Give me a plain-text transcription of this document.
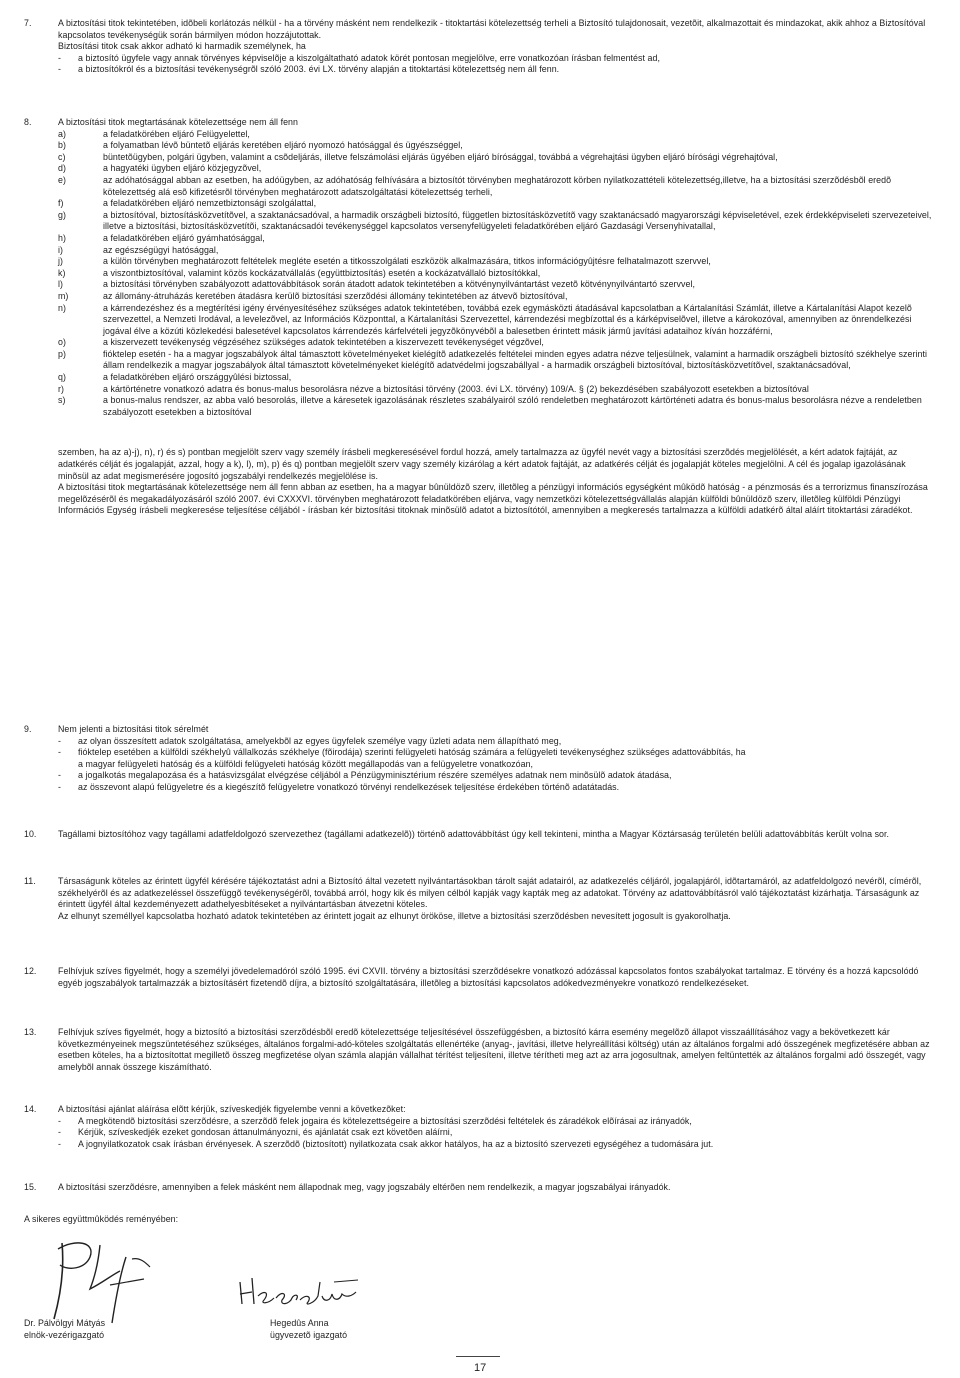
7.	A biztosítási titok tekintetében, idõbeli korlátozás nélkül - ha a törvény másként nem rendelkezik - titoktartási kötelezettség terheli a Biztosító tulajdonosait, vezetõit, alkalmazottait és mindazokat, akik ahhoz a Biztosítóval kapcsolatos tevékenységük során bármilyen módon hozzájutottak.

Biztosítási titok csak akkor adható ki harmadik személynek, ha

- a biztosító ügyfele vagy annak törvényes képviselõje a kiszolgáltatható adatok körét pontosan megjelölve, erre vonatkozóan írásban felmentést ad,

- a biztosítókról és a biztosítási tevékenységrõl szóló 2003. évi LX. törvény alapján a titoktartási kötelezettség nem áll fenn.

8.	A biztosítási titok megtartásának kötelezettsége nem áll fenn

a)	a feladatkörében eljáró Felügyelettel,

b)	a folyamatban lévõ büntetõ eljárás keretében eljáró nyomozó hatósággal és ügyészséggel,

c)	büntetõügyben, polgári ügyben, valamint a csõdeljárás, illetve felszámolási eljárás ügyében eljáró bírósággal, továbbá a végrehajtási ügyben eljáró bírósági végrehajtóval,

d)	a hagyatéki ügyben eljáró közjegyzõvel,

e)	az adóhatósággal abban az esetben, ha adóügyben, az adóhatóság felhívására a biztosítót törvényben meghatározott körben nyilatkozattételi kötelezettség,illetve, ha a biztosítási szerzõdésbõl eredõ kötelezettség alá esõ kifizetésrõl törvényben meghatározott adatszolgáltatási kötelezettség terheli,

f)	a feladatkörében eljáró nemzetbiztonsági szolgálattal,

g)	a biztosítóval, biztosításközvetítõvel, a szaktanácsadóval, a harmadik országbeli biztosító, független biztosításközvetítõ vagy szaktanácsadó magyarországi képviseletével, ezek érdekképviseleti szervezeteivel, illetve a biztosítási, biztosításközvetítõi, szaktanácsadói tevékenységgel kapcsolatos versenyfelügyeleti feladatkörében eljáró Gazdasági Versenyhivatallal,

h)	a feladatkörében eljáró gyámhatósággal,

i)	az egészségügyi hatósággal,

j)	a külön törvényben meghatározott feltételek megléte esetén a titkosszolgálati eszközök alkalmazására, titkos információgyûjtésre felhatalmazott szervvel,

k)	a viszontbiztosítóval, valamint közös kockázatvállalás (együttbiztosítás) esetén a kockázatvállaló biztosítókkal,

l)	a biztosítási törvényben szabályozott adattovábbítások során átadott adatok tekintetében a kötvénynyilvántartást vezetõ kötvénynyilvántartó szervvel,

m)	az állomány-átruházás keretében átadásra kerülõ biztosítási szerzõdési állomány tekintetében az átvevõ biztosítóval,

n)	a kárrendezéshez és a megtérítési igény érvényesítéséhez szükséges adatok tekintetében, továbbá ezek egymásközti átadásával kapcsolatban a Kártalanítási Számlát, illetve a Kártalanítási Alapot kezelõ szervezettel, a Nemzeti Irodával, a levelezõvel, az Információs Központtal, a Kártalanítási Szervezettel, kárrendezési megbízottal és a kárképviselõvel, illetve a károkozóval, amennyiben az önrendelkezési jogával élve a közúti közlekedési balesetével kapcsolatos kárrendezés kárfelvételi jegyzõkönyvébõl a balesetben érintett másik jármû javítási adataihoz kíván hozzáférni,

o)	a kiszervezett tevékenység végzéséhez szükséges adatok tekintetében a kiszervezett tevékenységet végzõvel,

p)	fióktelep esetén - ha a magyar jogszabályok által támasztott követelményeket kielégítõ adatkezelés feltételei minden egyes adatra nézve teljesülnek, valamint a harmadik országbeli biztosító székhelye szerinti állam rendelkezik a magyar jogszabályok által támasztott követelményeket kielégítõ adatvédelmi jogszabállyal - a harmadik országbeli biztosítóval, biztosításközvetítõvel, szaktanácsadóval,

q)	a feladatkörében eljáró országgyûlési biztossal,

r)	a kártörténetre vonatkozó adatra és bonus-malus besorolásra nézve a biztosítási törvény (2003. évi LX. törvény) 109/A. § (2) bekezdésében szabályozott esetekben a biztosítóval

s)	a bonus-malus rendszer, az abba való besorolás, illetve a káresetek igazolásának részletes szabályairól szóló rendeletben meghatározott kártörténeti adatra és bonus-malus besorolásra nézve a rendeletben szabályozott esetekben a biztosítóval

szemben, ha az a)-j), n), r) és s) pontban megjelölt szerv vagy személy írásbeli megkeresésével fordul hozzá, amely tartalmazza az ügyfél nevét vagy a biztosítási szerzõdés megjelölését, a kért adatok fajtáját, az adatkérés célját és jogalapját, azzal, hogy a k), l), m), p) és q) pontban megjelölt szerv vagy személy kizárólag a kért adatok fajtáját, az adatkérés célját és jogalapját köteles megjelölni. A cél és jogalap igazolásának minõsül az adat megismerésére jogosító jogszabályi rendelkezés megjelölése is.

A biztosítási titok megtartásának kötelezettsége nem áll fenn abban az esetben, ha a magyar bûnüldözõ szerv, illetõleg a pénzügyi információs egységként mûködõ hatóság - a pénzmosás és a terrorizmus finanszírozása megelõzésérõl és megakadályozásáról szóló 2007. évi CXXXVI. törvényben meghatározott feladatkörében eljárva, vagy nemzetközi kötelezettségvállalás alapján külföldi bûnüldözõ szerv, illetõleg külföldi Pénzügyi Információs Egység írásbeli megkeresése teljesítése céljából - írásban kér biztosítási titoknak minõsülõ adatot a biztosítótól, amennyiben a megkeresés tartalmazza a külföldi adatkérõ által aláírt titoktartási záradékot.

9.	Nem jelenti a biztosítási titok sérelmét

- az olyan összesített adatok szolgáltatása, amelyekbõl az egyes ügyfelek személye vagy üzleti adata nem állapítható meg,

- fióktelep esetében a külföldi székhelyû vállalkozás székhelye (fõirodája) szerinti felügyeleti hatóság számára a felügyeleti tevékenységhez szükséges adattovábbítás, ha
a magyar felügyeleti hatóság és a külföldi felügyeleti hatóság között megállapodás van a felügyeletre vonatkozóan,

- a jogalkotás megalapozása és a hatásvizsgálat elvégzése céljából a Pénzügyminisztérium részére személyes adatnak nem minõsülõ adatok átadása,

- az összevont alapú felügyeletre és a kiegészítõ felügyeletre vonatkozó törvényi rendelkezések teljesítése érdekében történõ adatátadás.

10. Tagállami biztosítóhoz vagy tagállami adatfeldolgozó szervezethez (tagállami adatkezelõ)) történõ adattovábbítást úgy kell tekinteni, mintha a Magyar Köztársaság területén belüli adattovábbítás került volna sor.

11.	Társaságunk köteles az érintett ügyfél kérésére tájékoztatást adni a Biztosító által vezetett nyilvántartásokban tárolt saját adatairól, az adatkezelés céljáról, jogalapjáról, idõtartamáról, az adatfeldolgozó nevérõl, címérõl, székhelyérõl és az adatkezeléssel összefüggõ tevékenységérõl, továbbá arról, hogy kik és milyen célból kapják vagy kapták meg az adatokat. Törvény az adattovábbításról való tájékoztatást kizárhatja. Társaságunk az érintett ügyfél által kezdeményezett adathelyesbítéseket a nyilvántartásban átvezetni köteles.

Az elhunyt személlyel kapcsolatba hozható adatok tekintetében az érintett jogait az elhunyt örököse, illetve a biztosítási szerzõdésben nevesített jogosult is gyakorolhatja.

12. Felhívjuk szíves figyelmét, hogy a személyi jövedelemadóról szóló 1995. évi CXVII. törvény a biztosítási szerzõdésekre vonatkozó adózással kapcsolatos fontos szabályokat tartalmaz. E törvény és a hozzá kapcsolódó egyéb jogszabályok tartalmazzák a biztosításért fizetendõ díjra, a biztosító szolgáltatására, illetõleg a biztosítási kapcsolatos adókedvezményekre vonatkozó rendelkezéseket.

13. Felhívjuk szíves figyelmét, hogy a biztosító a biztosítási szerzõdésbõl eredõ kötelezettsége teljesítésével összefüggésben, a biztosító kárra esemény megelõzõ állapot visszaállításához vagy a bekövetkezett kár következményeinek megszüntetéséhez szükséges, általános forgalmi-adó-köteles szolgáltatás ellenértéke (anyag-, javítási, illetve helyreállítási költség) után az általános forgalmi adó összegének megfizetésére abban az esetben köteles, ha a biztosítottat megilletõ összeg megfizetése olyan számla alapján vállalhat térítést teljesíteni, illetve térítheti meg azt az arra jogosultnak, amelyen feltüntették az általános forgalmi adó összegét, vagy amelybõl annak összege kiszámítható.

14. A biztosítási ajánlat aláírása elõtt kérjük, szíveskedjék figyelembe venni a következõket:

- A megkötendõ biztosítási szerzõdésre, a szerzõdõ felek jogaira és kötelezettségeire a biztosítási szerzõdési feltételek és záradékok elõírásai az irányadók,

- Kérjük, szíveskedjék ezeket gondosan áttanulmányozni, és ajánlatát csak ezt követõen aláírni,

- A jognyilatkozatok csak írásban érvényesek. A szerzõdõ (biztosított) nyilatkozata csak akkor hatályos, ha az a biztosító szervezeti egységéhez a tudomására jut.

15. A biztosítási szerzõdésre, amennyiben a felek másként nem állapodnak meg, vagy jogszabály eltérõen nem rendelkezik, a magyar jogszabályai irányadók.

A sikeres együttmûködés reményében:

Dr. Pálvölgyi Mátyás

elnök-vezérigazgató

Hegedûs Anna

ügyvezetõ igazgató

17
